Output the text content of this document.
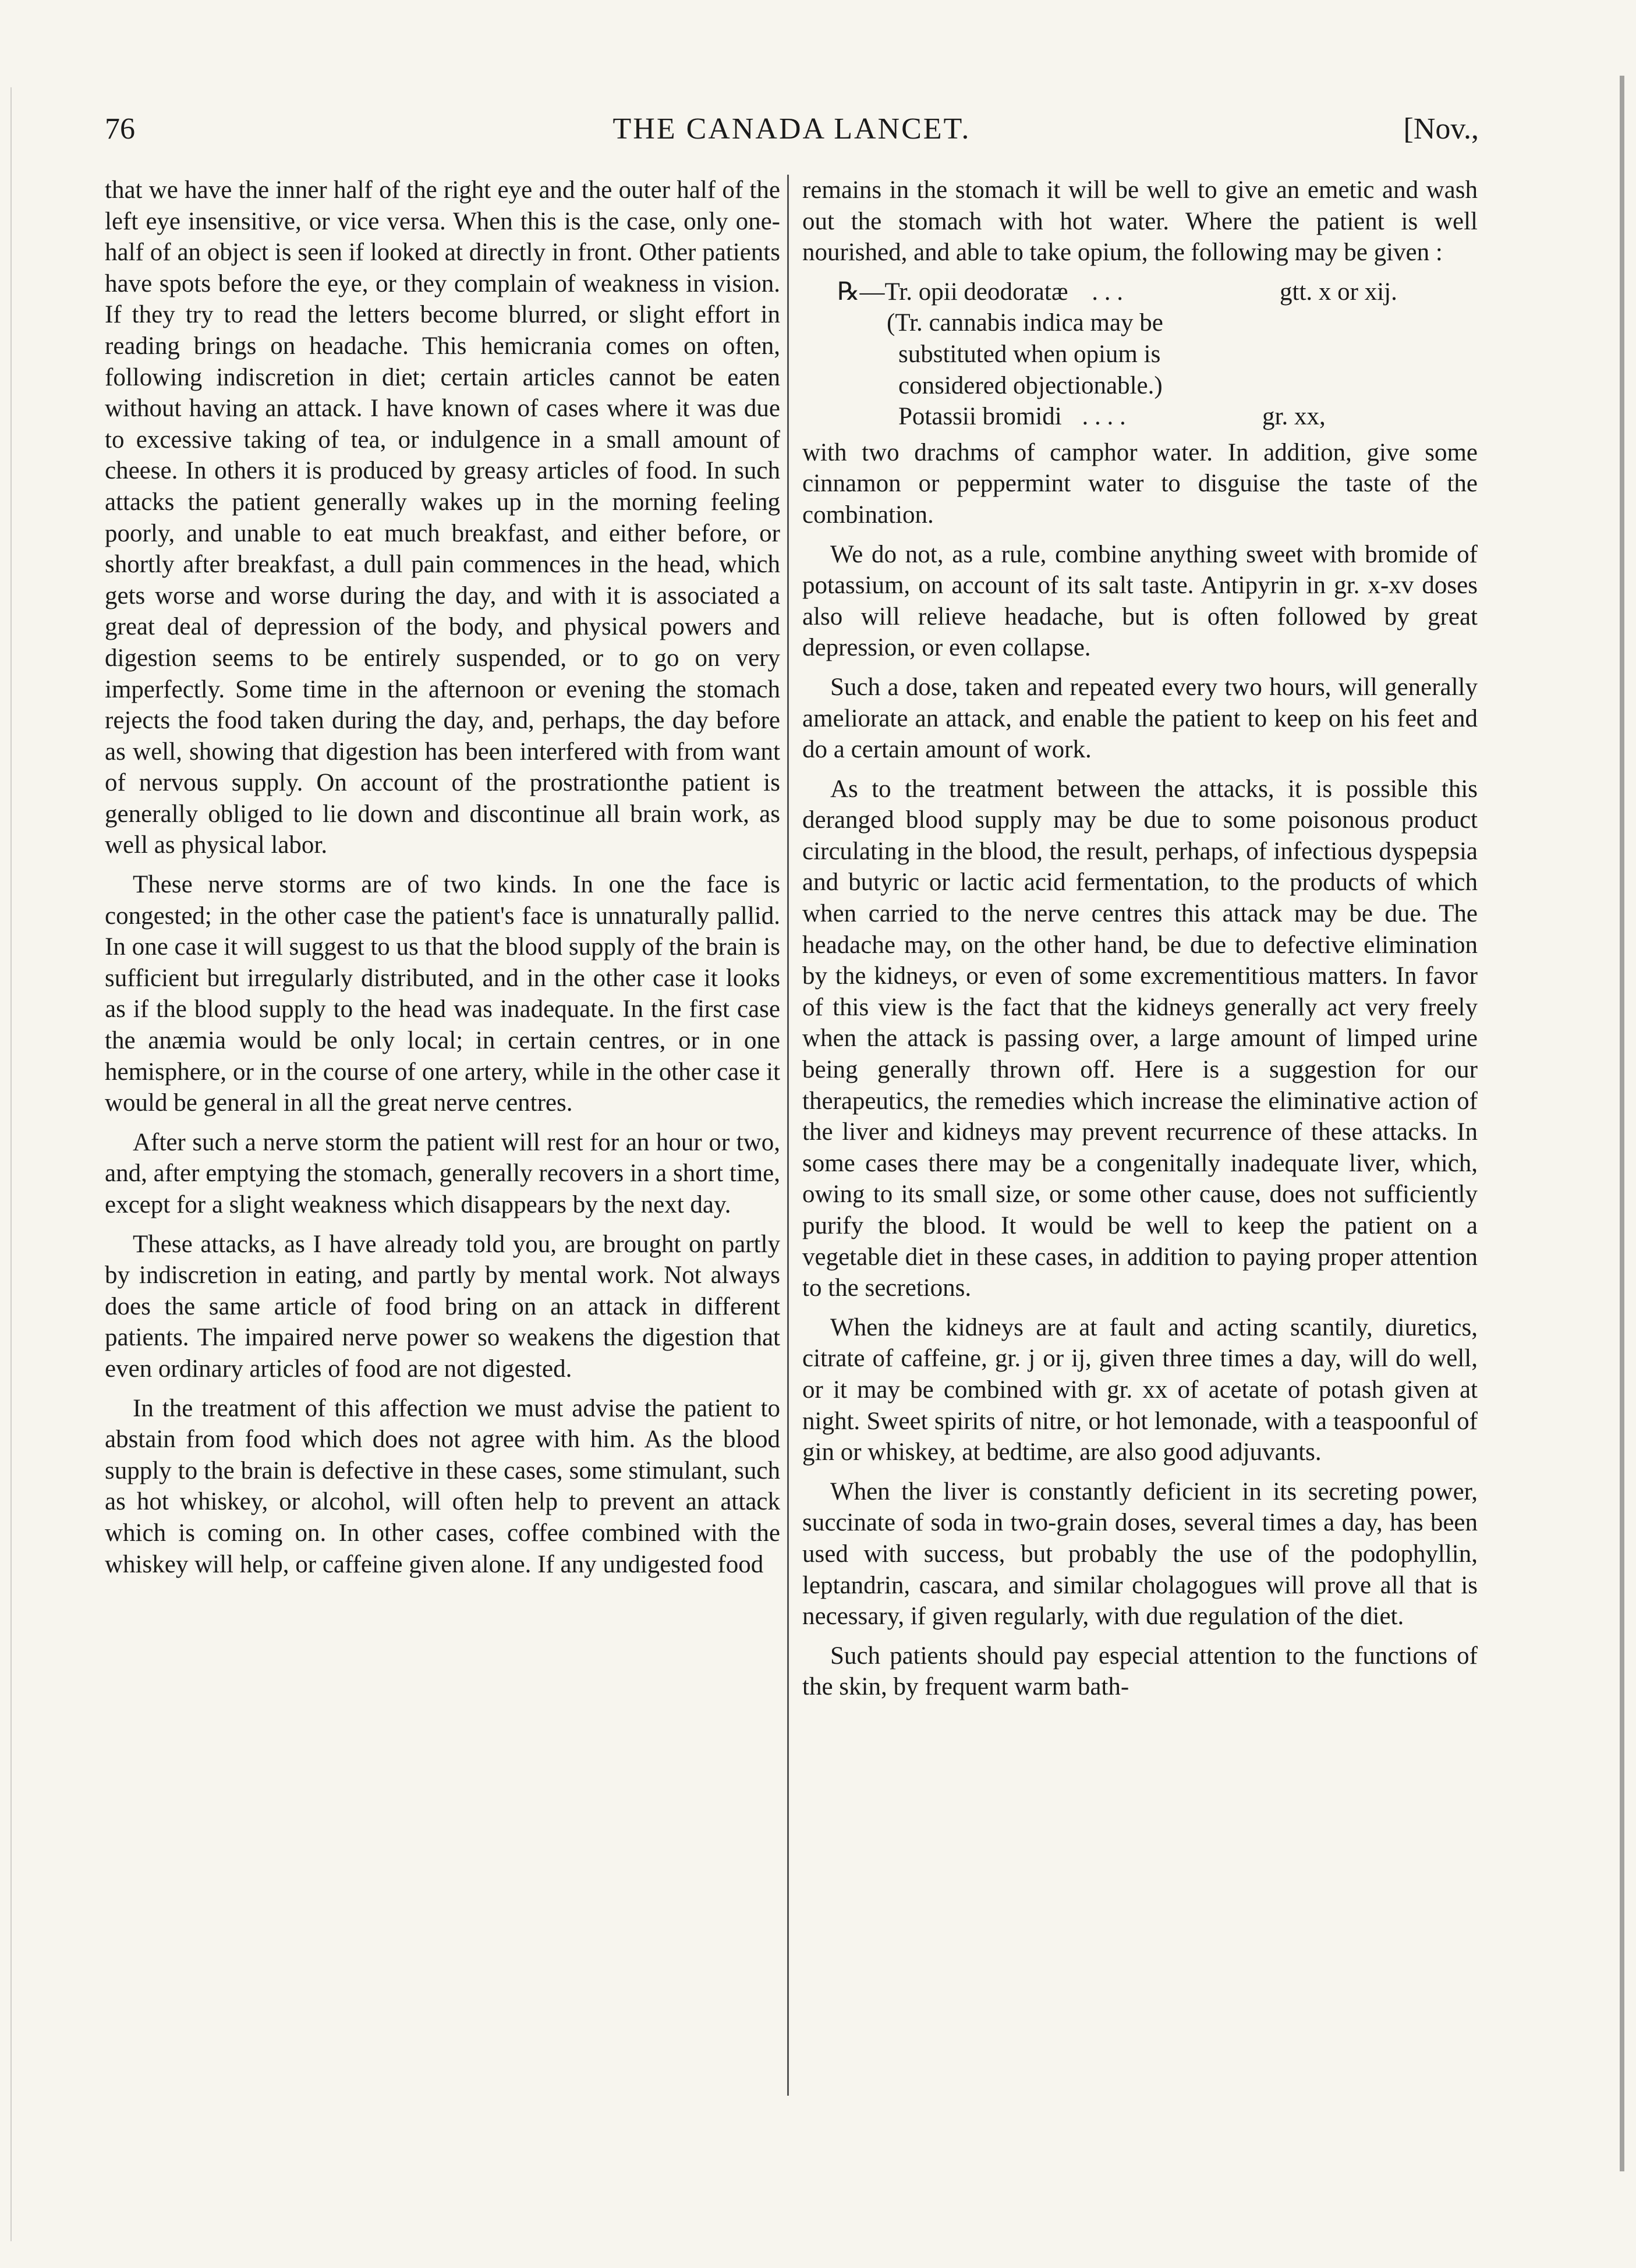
76	THE CANADA LANCET.	[Nov.,

that we have the inner half of the right eye and the outer half of the left eye insensitive, or vice versa. When this is the case, only one-half of an object is seen if looked at directly in front. Other patients have spots before the eye, or they complain of weakness in vision. If they try to read the letters become blurred, or slight effort in reading brings on headache. This hemicrania comes on often, following indiscretion in diet; certain articles cannot be eaten without having an attack. I have known of cases where it was due to excessive taking of tea, or indulgence in a small amount of cheese. In others it is produced by greasy articles of food. In such attacks the patient generally wakes up in the morning feeling poorly, and unable to eat much breakfast, and either before, or shortly after breakfast, a dull pain commences in the head, which gets worse and worse during the day, and with it is associated a great deal of depression of the body, and physical powers and digestion seems to be entirely suspended, or to go on very imperfectly. Some time in the afternoon or evening the stomach rejects the food taken during the day, and, perhaps, the day before as well, showing that digestion has been interfered with from want of nervous supply. On account of the prostrationthe patient is generally obliged to lie down and discontinue all brain work, as well as physical labor.

These nerve storms are of two kinds. In one the face is congested; in the other case the patient's face is unnaturally pallid. In one case it will suggest to us that the blood supply of the brain is sufficient but irregularly distributed, and in the other case it looks as if the blood supply to the head was inadequate. In the first case the anæmia would be only local; in certain centres, or in one hemisphere, or in the course of one artery, while in the other case it would be general in all the great nerve centres.

After such a nerve storm the patient will rest for an hour or two, and, after emptying the stomach, generally recovers in a short time, except for a slight weakness which disappears by the next day.

These attacks, as I have already told you, are brought on partly by indiscretion in eating, and partly by mental work. Not always does the same article of food bring on an attack in different patients. The impaired nerve power so weakens the digestion that even ordinary articles of food are not digested.

In the treatment of this affection we must advise the patient to abstain from food which does not agree with him. As the blood supply to the brain is defective in these cases, some stimulant, such as hot whiskey, or alcohol, will often help to prevent an attack which is coming on. In other cases, coffee combined with the whiskey will help, or caffeine given alone. If any undigested food

remains in the stomach it will be well to give an emetic and wash out the stomach with hot water. Where the patient is well nourished, and able to take opium, the following may be given :

℞—Tr. opii deodoratæ . . .	gtt. x or xij.
(Tr. cannabis indica may be
substituted when opium is
considered objectionable.)
Potassii bromidi . . . .	gr. xx,

with two drachms of camphor water. In addition, give some cinnamon or peppermint water to disguise the taste of the combination.

We do not, as a rule, combine anything sweet with bromide of potassium, on account of its salt taste. Antipyrin in gr. x-xv doses also will relieve headache, but is often followed by great depression, or even collapse.

Such a dose, taken and repeated every two hours, will generally ameliorate an attack, and enable the patient to keep on his feet and do a certain amount of work.

As to the treatment between the attacks, it is possible this deranged blood supply may be due to some poisonous product circulating in the blood, the result, perhaps, of infectious dyspepsia and butyric or lactic acid fermentation, to the products of which when carried to the nerve centres this attack may be due. The headache may, on the other hand, be due to defective elimination by the kidneys, or even of some excrementitious matters. In favor of this view is the fact that the kidneys generally act very freely when the attack is passing over, a large amount of limped urine being generally thrown off. Here is a suggestion for our therapeutics, the remedies which increase the eliminative action of the liver and kidneys may prevent recurrence of these attacks. In some cases there may be a congenitally inadequate liver, which, owing to its small size, or some other cause, does not sufficiently purify the blood. It would be well to keep the patient on a vegetable diet in these cases, in addition to paying proper attention to the secretions.

When the kidneys are at fault and acting scantily, diuretics, citrate of caffeine, gr. j or ij, given three times a day, will do well, or it may be combined with gr. xx of acetate of potash given at night. Sweet spirits of nitre, or hot lemonade, with a teaspoonful of gin or whiskey, at bedtime, are also good adjuvants.

When the liver is constantly deficient in its secreting power, succinate of soda in two-grain doses, several times a day, has been used with success, but probably the use of the podophyllin, leptandrin, cascara, and similar cholagogues will prove all that is necessary, if given regularly, with due regulation of the diet.

Such patients should pay especial attention to the functions of the skin, by frequent warm bath-
